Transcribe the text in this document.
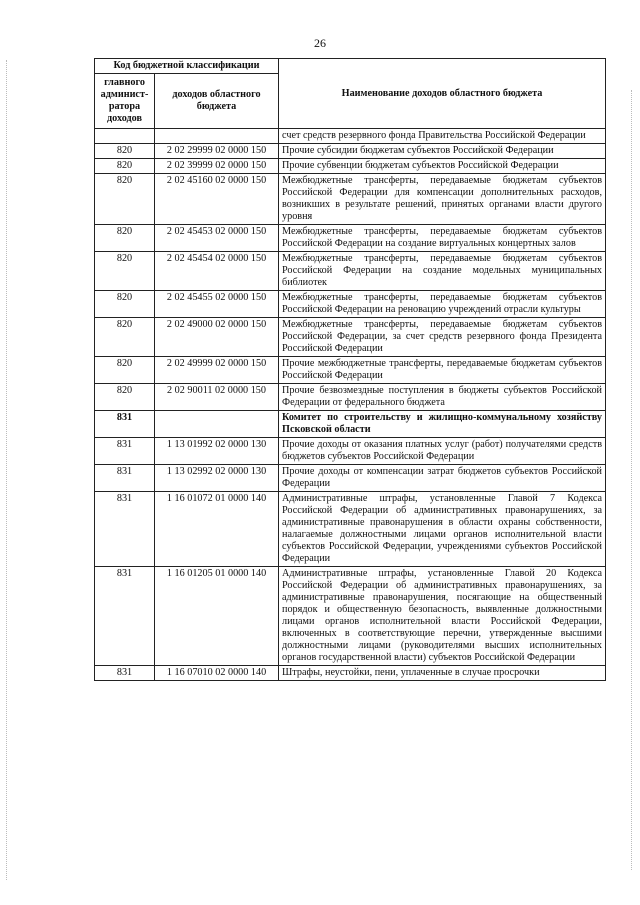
26
Код бюджетной классификации		Наименование доходов областного бюджета
главного админист-ратора доходов	доходов областного бюджета	
		счет средств резервного фонда Правительства Российской Федерации
820	2 02 29999 02 0000 150	Прочие субсидии бюджетам субъектов Российской Федерации
820	2 02 39999 02 0000 150	Прочие субвенции бюджетам субъектов Российской Федерации
820	2 02 45160 02 0000 150	Межбюджетные трансферты, передаваемые бюджетам субъектов Российской Федерации для компенсации дополнительных расходов, возникших в результате решений, принятых органами власти другого уровня
820	2 02 45453 02 0000 150	Межбюджетные трансферты, передаваемые бюджетам субъектов Российской Федерации на создание виртуальных концертных залов
820	2 02 45454 02 0000 150	Межбюджетные трансферты, передаваемые бюджетам субъектов Российской Федерации на создание модельных муниципальных библиотек
820	2 02 45455 02 0000 150	Межбюджетные трансферты, передаваемые бюджетам субъектов Российской Федерации на реновацию учреждений отрасли культуры
820	2 02 49000 02 0000 150	Межбюджетные трансферты, передаваемые бюджетам субъектов Российской Федерации, за счет средств резервного фонда Президента Российской Федерации
820	2 02 49999 02 0000 150	Прочие межбюджетные трансферты, передаваемые бюджетам субъектов Российской Федерации
820	2 02 90011 02 0000 150	Прочие безвозмездные поступления в бюджеты субъектов Российской Федерации от федерального бюджета
831		Комитет по строительству и жилищно-коммунальному хозяйству Псковской области
831	1 13 01992 02 0000 130	Прочие доходы от оказания платных услуг (работ) получателями средств бюджетов субъектов Российской Федерации
831	1 13 02992 02 0000 130	Прочие доходы от компенсации затрат бюджетов субъектов Российской Федерации
831	1 16 01072 01 0000 140	Административные штрафы, установленные Главой 7 Кодекса Российской Федерации об административных правонарушениях, за административные правонарушения в области охраны собственности, налагаемые должностными лицами органов исполнительной власти субъектов Российской Федерации, учреждениями субъектов Российской Федерации
831	1 16 01205 01 0000 140	Административные штрафы, установленные Главой 20 Кодекса Российской Федерации об административных правонарушениях, за административные правонарушения, посягающие на общественный порядок и общественную безопасность, выявленные должностными лицами органов исполнительной власти Российской Федерации, включенных в соответствующие перечни, утвержденные высшими должностными лицами (руководителями высших исполнительных органов государственной власти) субъектов Российской Федерации
831	1 16 07010 02 0000 140	Штрафы, неустойки, пени, уплаченные в случае просрочки
